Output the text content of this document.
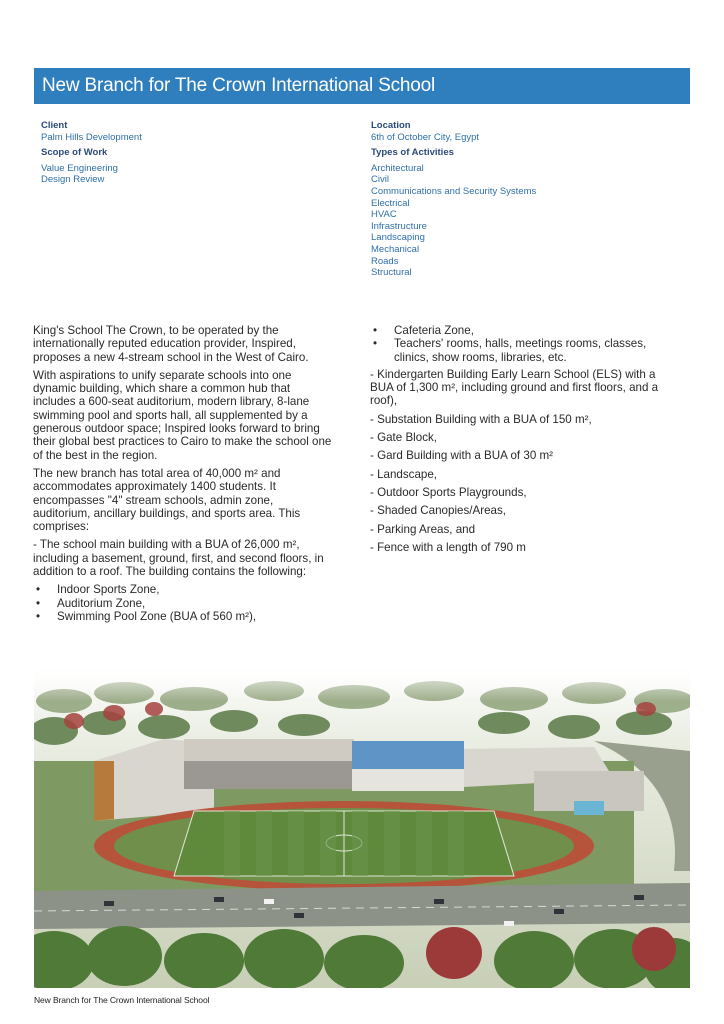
New Branch for The Crown International School
Client
Palm Hills Development
Scope of Work
Value Engineering
Design Review
Location
6th of October City, Egypt
Types of Activities
Architectural
Civil
Communications and Security Systems
Electrical
HVAC
Infrastructure
Landscaping
Mechanical
Roads
Structural

King's School The Crown, to be operated by the internationally reputed education provider, Inspired, proposes a new 4-stream school in the West of Cairo.

With aspirations to unify separate schools into one dynamic building, which share a common hub that includes a 600-seat auditorium, modern library, 8-lane swimming pool and sports hall, all supplemented by a generous outdoor space; Inspired looks forward to bring their global best practices to Cairo to make the school one of the best in the region.

The new branch has total area of 40,000 m² and accommodates approximately 1400 students. It encompasses "4" stream schools, admin zone, auditorium, ancillary buildings, and sports area. This comprises:

- The school main building with a BUA of 26,000 m², including a basement, ground, first, and second floors, in addition to a roof. The building contains the following:

• Indoor Sports Zone,
• Auditorium Zone,
• Swimming Pool Zone (BUA of 560 m²),
• Cafeteria Zone,
• Teachers' rooms, halls, meetings rooms, classes, clinics, show rooms, libraries, etc.

- Kindergarten Building Early Learn School (ELS) with a BUA of 1,300 m², including ground and first floors, and a roof),

- Substation Building with a BUA of 150 m²,

- Gate Block,

- Gard Building with a BUA of 30 m²

- Landscape,

- Outdoor Sports Playgrounds,

- Shaded Canopies/Areas,

- Parking Areas, and

- Fence with a length of 790 m

New Branch for The Crown International School
